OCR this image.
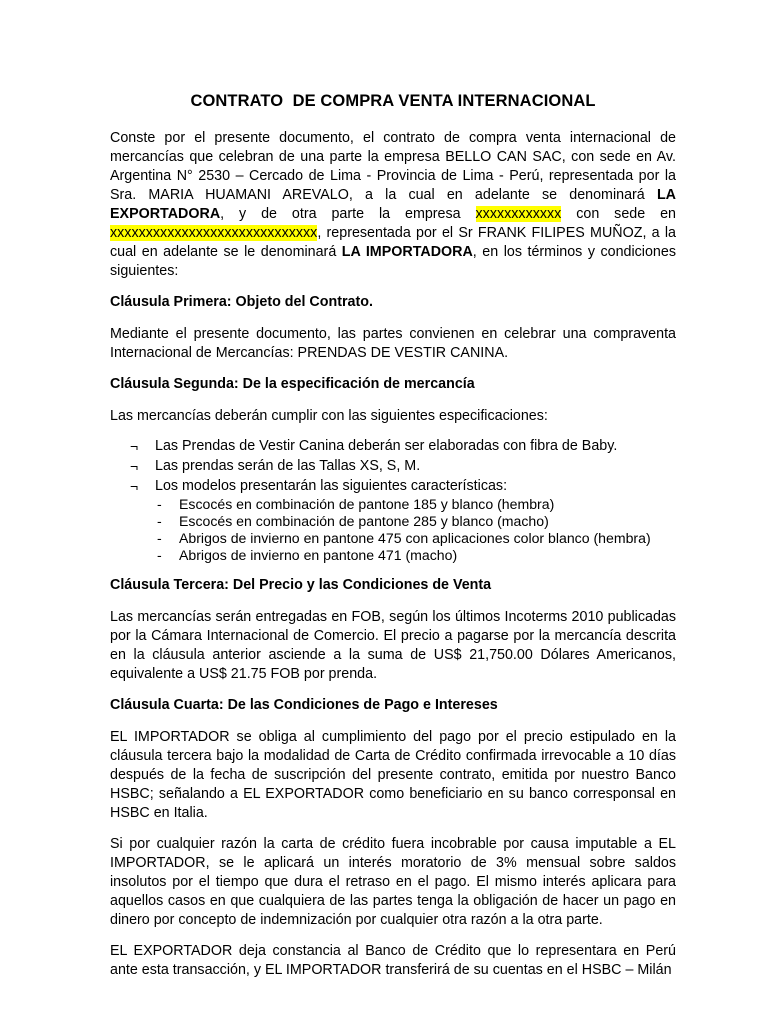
CONTRATO  DE COMPRA VENTA INTERNACIONAL

Conste por el presente documento, el contrato de compra venta internacional de mercancías que celebran de una parte la empresa BELLO CAN SAC, con sede en Av. Argentina N° 2530 – Cercado de Lima - Provincia de Lima - Perú, representada por la Sra. MARIA HUAMANI AREVALO, a la cual en adelante se denominará LA EXPORTADORA, y de otra parte la empresa xxxxxxxxxxxx con sede en xxxxxxxxxxxxxxxxxxxxxxxxxxxxx, representada por el Sr FRANK FILIPES MUÑOZ, a la cual en adelante se le denominará LA IMPORTADORA, en los términos y condiciones siguientes:

Cláusula Primera: Objeto del Contrato.

Mediante el presente documento, las partes convienen en celebrar una compraventa Internacional de Mercancías: PRENDAS DE VESTIR CANINA.

Cláusula Segunda: De la especificación de mercancía

Las mercancías deberán cumplir con las siguientes especificaciones:

¬ Las Prendas de Vestir Canina deberán ser elaboradas con fibra de Baby.
¬ Las prendas serán de las Tallas XS, S, M.
¬ Los modelos presentarán las siguientes características:
- Escocés en combinación de pantone 185 y blanco (hembra)
- Escocés en combinación de pantone 285 y blanco (macho)
- Abrigos de invierno en pantone 475 con aplicaciones color blanco (hembra)
- Abrigos de invierno en pantone 471 (macho)

Cláusula Tercera: Del Precio y las Condiciones de Venta

Las mercancías serán entregadas en FOB, según los últimos Incoterms 2010 publicadas por la Cámara Internacional de Comercio. El precio a pagarse por la mercancía descrita en la cláusula anterior asciende a la suma de US$ 21,750.00 Dólares Americanos, equivalente a US$ 21.75 FOB por prenda.

Cláusula Cuarta: De las Condiciones de Pago e Intereses

EL IMPORTADOR se obliga al cumplimiento del pago por el precio estipulado en la cláusula tercera bajo la modalidad de Carta de Crédito confirmada irrevocable a 10 días después de la fecha de suscripción del presente contrato, emitida por nuestro Banco HSBC; señalando a EL EXPORTADOR como beneficiario en su banco corresponsal en HSBC en Italia.

Si por cualquier razón la carta de crédito fuera incobrable por causa imputable a EL IMPORTADOR, se le aplicará un interés moratorio de 3% mensual sobre saldos insolutos por el tiempo que dura el retraso en el pago. El mismo interés aplicara para aquellos casos en que cualquiera de las partes tenga la obligación de hacer un pago en dinero por concepto de indemnización por cualquier otra razón a la otra parte.

EL EXPORTADOR deja constancia al Banco de Crédito que lo representara en Perú ante esta transacción, y EL IMPORTADOR transferirá de su cuentas en el HSBC – Milán
